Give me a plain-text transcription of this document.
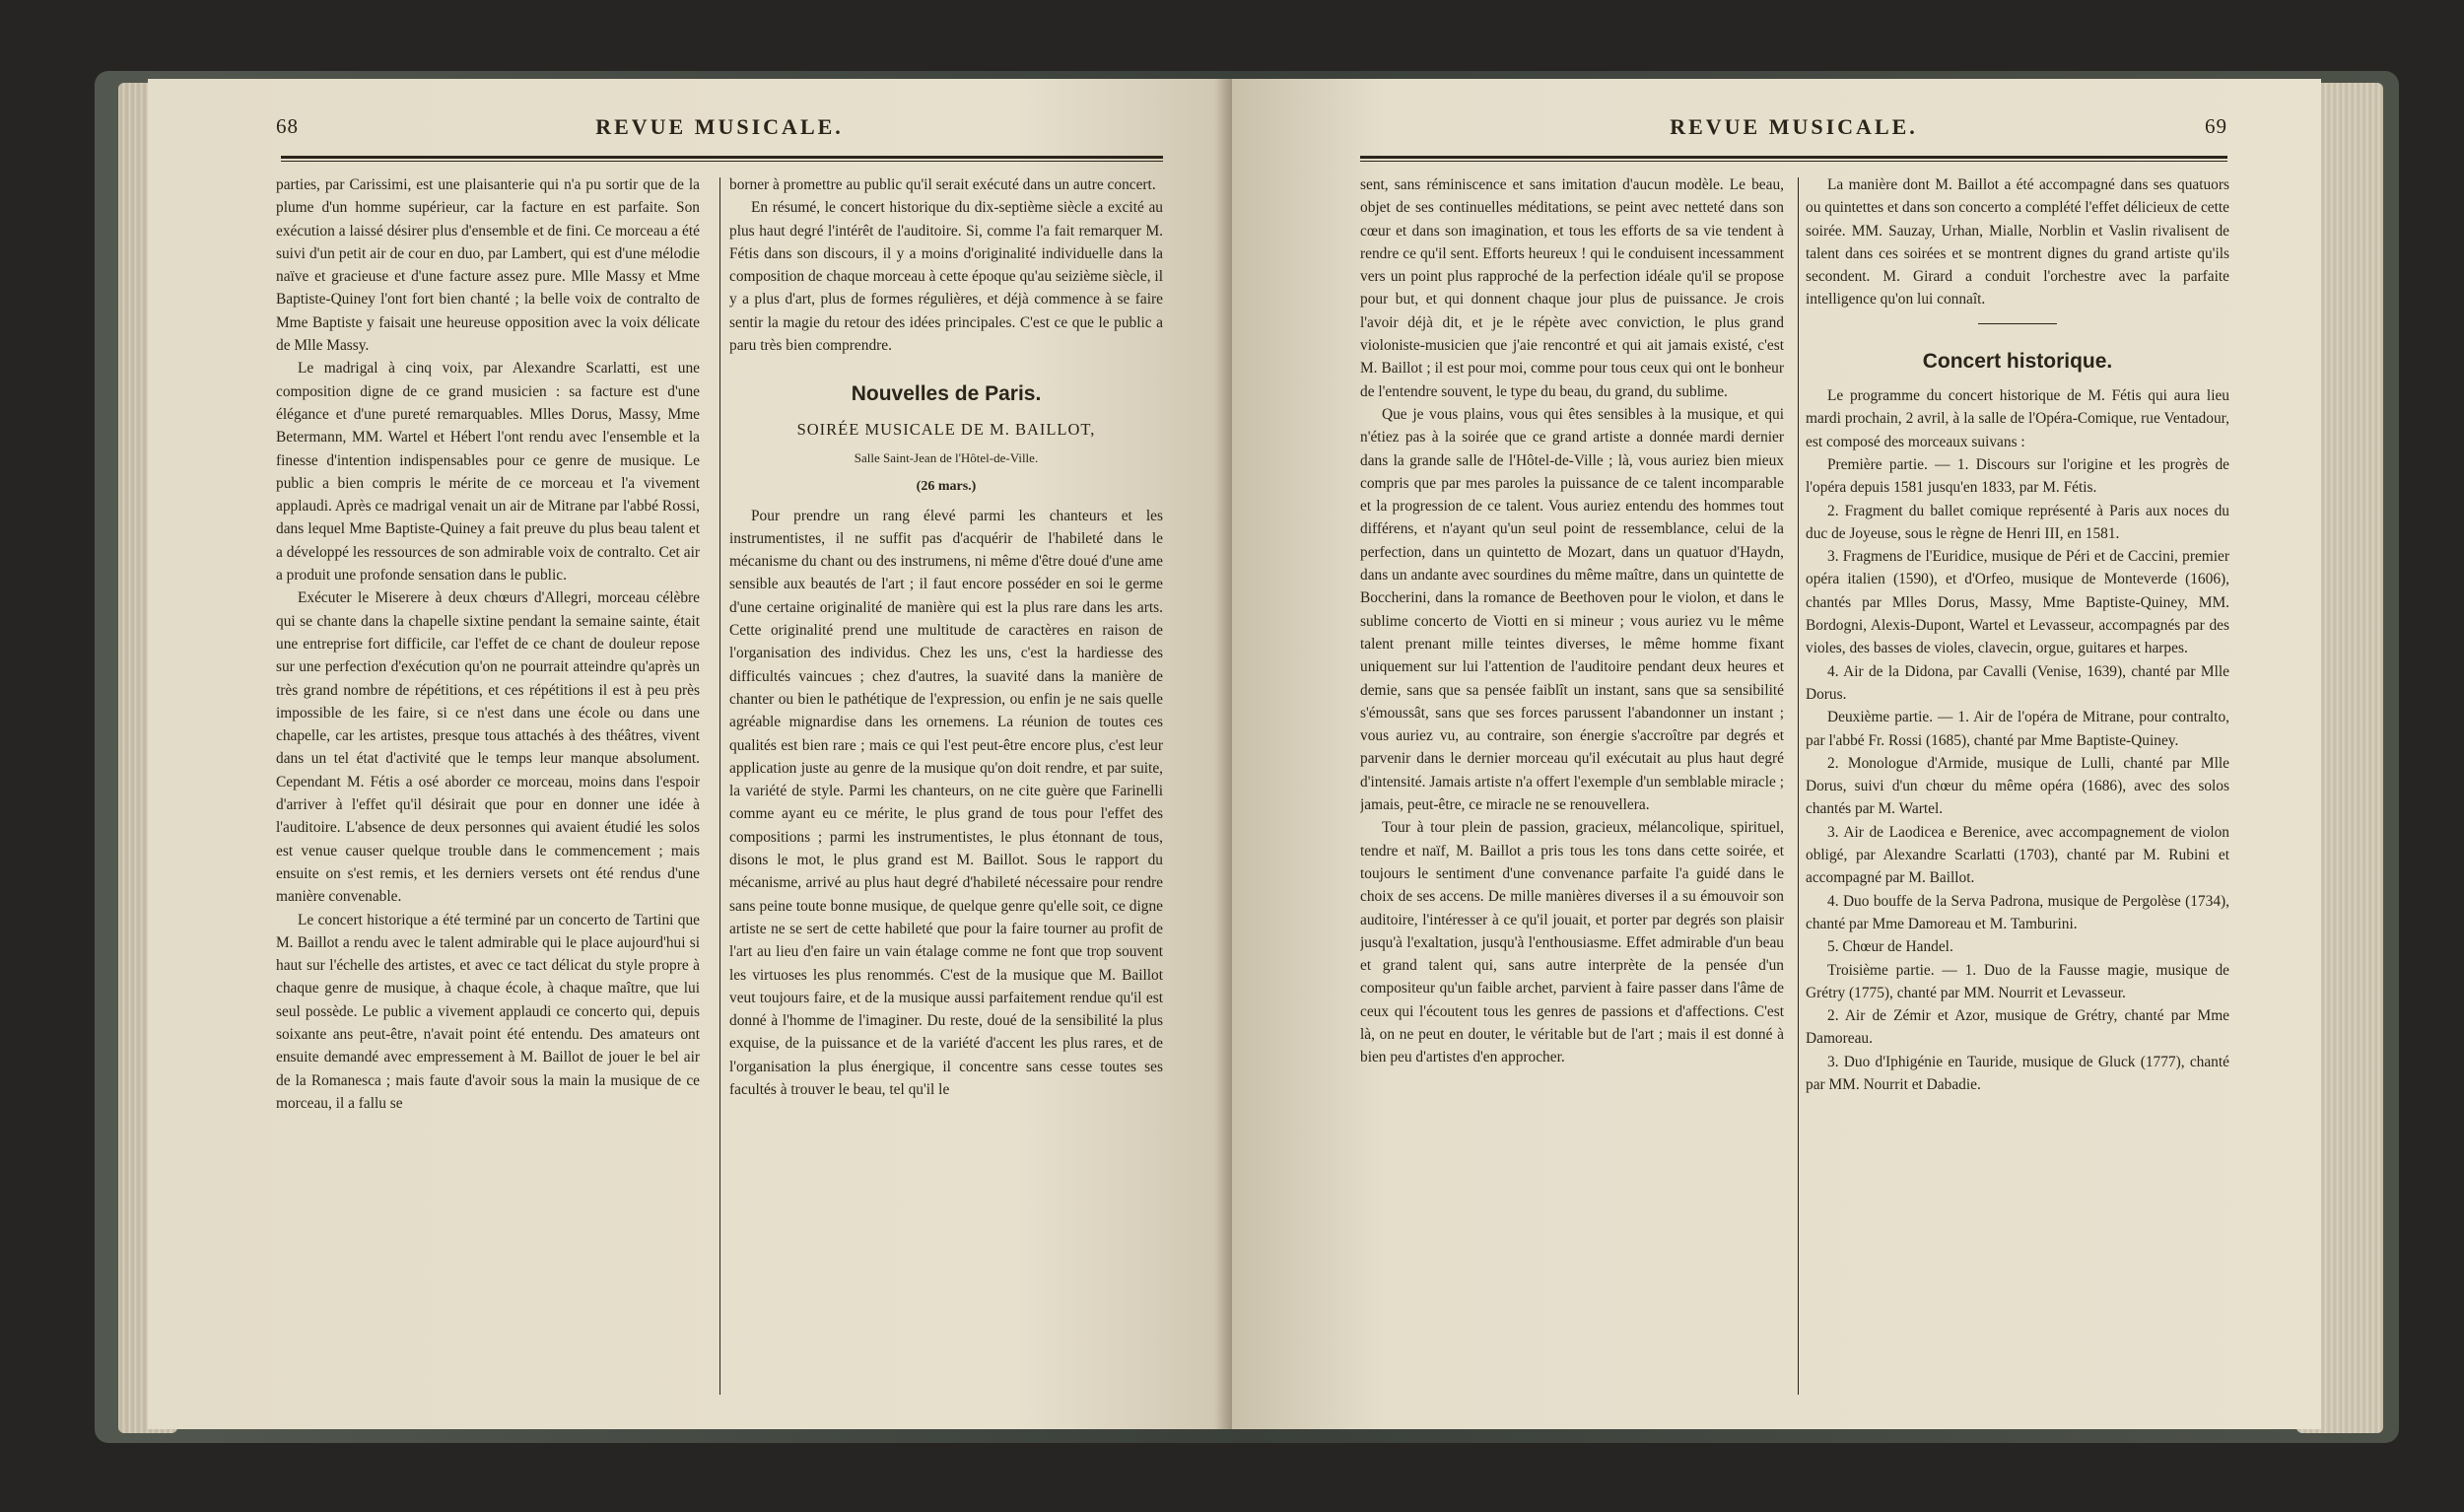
68	REVUE MUSICALE.

parties, par Carissimi, est une plaisanterie qui n'a pu sortir que de la plume d'un homme supérieur, car la facture en est parfaite. Son exécution a laissé désirer plus d'ensemble et de fini. Ce morceau a été suivi d'un petit air de cour en duo, par Lambert, qui est d'une mélodie naïve et gracieuse et d'une facture assez pure. Mlle Massy et Mme Baptiste-Quiney l'ont fort bien chanté ; la belle voix de contralto de Mme Baptiste y faisait une heureuse opposition avec la voix délicate de Mlle Massy.

Le madrigal à cinq voix, par Alexandre Scarlatti, est une composition digne de ce grand musicien : sa facture est d'une élégance et d'une pureté remarquables. Mlles Dorus, Massy, Mme Betermann, MM. Wartel et Hébert l'ont rendu avec l'ensemble et la finesse d'intention indispensables pour ce genre de musique. Le public a bien compris le mérite de ce morceau et l'a vivement applaudi. Après ce madrigal venait un air de Mitrane par l'abbé Rossi, dans lequel Mme Baptiste-Quiney a fait preuve du plus beau talent et a développé les ressources de son admirable voix de contralto. Cet air a produit une profonde sensation dans le public.

Exécuter le Miserere à deux chœurs d'Allegri, morceau célèbre qui se chante dans la chapelle sixtine pendant la semaine sainte, était une entreprise fort difficile, car l'effet de ce chant de douleur repose sur une perfection d'exécution qu'on ne pourrait atteindre qu'après un très grand nombre de répétitions, et ces répétitions il est à peu près impossible de les faire, si ce n'est dans une école ou dans une chapelle, car les artistes, presque tous attachés à des théâtres, vivent dans un tel état d'activité que le temps leur manque absolument. Cependant M. Fétis a osé aborder ce morceau, moins dans l'espoir d'arriver à l'effet qu'il désirait que pour en donner une idée à l'auditoire. L'absence de deux personnes qui avaient étudié les solos est venue causer quelque trouble dans le commencement ; mais ensuite on s'est remis, et les derniers versets ont été rendus d'une manière convenable.

Le concert historique a été terminé par un concerto de Tartini que M. Baillot a rendu avec le talent admirable qui le place aujourd'hui si haut sur l'échelle des artistes, et avec ce tact délicat du style propre à chaque genre de musique, à chaque école, à chaque maître, que lui seul possède. Le public a vivement applaudi ce concerto qui, depuis soixante ans peut-être, n'avait point été entendu. Des amateurs ont ensuite demandé avec empressement à M. Baillot de jouer le bel air de la Romanesca ; mais faute d'avoir sous la main la musique de ce morceau, il a fallu se

borner à promettre au public qu'il serait exécuté dans un autre concert.

En résumé, le concert historique du dix-septième siècle a excité au plus haut degré l'intérêt de l'auditoire. Si, comme l'a fait remarquer M. Fétis dans son discours, il y a moins d'originalité individuelle dans la composition de chaque morceau à cette époque qu'au seizième siècle, il y a plus d'art, plus de formes régulières, et déjà commence à se faire sentir la magie du retour des idées principales. C'est ce que le public a paru très bien comprendre.

Nouvelles de Paris.
SOIRÉE MUSICALE DE M. BAILLOT,
Salle Saint-Jean de l'Hôtel-de-Ville.
(26 mars.)

Pour prendre un rang élevé parmi les chanteurs et les instrumentistes, il ne suffit pas d'acquérir de l'habileté dans le mécanisme du chant ou des instrumens, ni même d'être doué d'une ame sensible aux beautés de l'art ; il faut encore posséder en soi le germe d'une certaine originalité de manière qui est la plus rare dans les arts. Cette originalité prend une multitude de caractères en raison de l'organisation des individus. Chez les uns, c'est la hardiesse des difficultés vaincues ; chez d'autres, la suavité dans la manière de chanter ou bien le pathétique de l'expression, ou enfin je ne sais quelle agréable mignardise dans les ornemens. La réunion de toutes ces qualités est bien rare ; mais ce qui l'est peut-être encore plus, c'est leur application juste au genre de la musique qu'on doit rendre, et par suite, la variété de style. Parmi les chanteurs, on ne cite guère que Farinelli comme ayant eu ce mérite, le plus grand de tous pour l'effet des compositions ; parmi les instrumentistes, le plus étonnant de tous, disons le mot, le plus grand est M. Baillot. Sous le rapport du mécanisme, arrivé au plus haut degré d'habileté nécessaire pour rendre sans peine toute bonne musique, de quelque genre qu'elle soit, ce digne artiste ne se sert de cette habileté que pour la faire tourner au profit de l'art au lieu d'en faire un vain étalage comme ne font que trop souvent les virtuoses les plus renommés. C'est de la musique que M. Baillot veut toujours faire, et de la musique aussi parfaitement rendue qu'il est donné à l'homme de l'imaginer. Du reste, doué de la sensibilité la plus exquise, de la puissance et de la variété d'accent les plus rares, et de l'organisation la plus énergique, il concentre sans cesse toutes ses facultés à trouver le beau, tel qu'il le

REVUE MUSICALE.	69

sent, sans réminiscence et sans imitation d'aucun modèle. Le beau, objet de ses continuelles méditations, se peint avec netteté dans son cœur et dans son imagination, et tous les efforts de sa vie tendent à rendre ce qu'il sent. Efforts heureux ! qui le conduisent incessamment vers un point plus rapproché de la perfection idéale qu'il se propose pour but, et qui donnent chaque jour plus de puissance. Je crois l'avoir déjà dit, et je le répète avec conviction, le plus grand violoniste-musicien que j'aie rencontré et qui ait jamais existé, c'est M. Baillot ; il est pour moi, comme pour tous ceux qui ont le bonheur de l'entendre souvent, le type du beau, du grand, du sublime.

Que je vous plains, vous qui êtes sensibles à la musique, et qui n'étiez pas à la soirée que ce grand artiste a donnée mardi dernier dans la grande salle de l'Hôtel-de-Ville ; là, vous auriez bien mieux compris que par mes paroles la puissance de ce talent incomparable et la progression de ce talent. Vous auriez entendu des hommes tout différens, et n'ayant qu'un seul point de ressemblance, celui de la perfection, dans un quintetto de Mozart, dans un quatuor d'Haydn, dans un andante avec sourdines du même maître, dans un quintette de Boccherini, dans la romance de Beethoven pour le violon, et dans le sublime concerto de Viotti en si mineur ; vous auriez vu le même talent prenant mille teintes diverses, le même homme fixant uniquement sur lui l'attention de l'auditoire pendant deux heures et demie, sans que sa pensée faiblît un instant, sans que sa sensibilité s'émoussât, sans que ses forces parussent l'abandonner un instant ; vous auriez vu, au contraire, son énergie s'accroître par degrés et parvenir dans le dernier morceau qu'il exécutait au plus haut degré d'intensité. Jamais artiste n'a offert l'exemple d'un semblable miracle ; jamais, peut-être, ce miracle ne se renouvellera.

Tour à tour plein de passion, gracieux, mélancolique, spirituel, tendre et naïf, M. Baillot a pris tous les tons dans cette soirée, et toujours le sentiment d'une convenance parfaite l'a guidé dans le choix de ses accens. De mille manières diverses il a su émouvoir son auditoire, l'intéresser à ce qu'il jouait, et porter par degrés son plaisir jusqu'à l'exaltation, jusqu'à l'enthousiasme. Effet admirable d'un beau et grand talent qui, sans autre interprète de la pensée d'un compositeur qu'un faible archet, parvient à faire passer dans l'âme de ceux qui l'écoutent tous les genres de passions et d'affections. C'est là, on ne peut en douter, le véritable but de l'art ; mais il est donné à bien peu d'artistes d'en approcher.

La manière dont M. Baillot a été accompagné dans ses quatuors ou quintettes et dans son concerto a complété l'effet délicieux de cette soirée. MM. Sauzay, Urhan, Mialle, Norblin et Vaslin rivalisent de talent dans ces soirées et se montrent dignes du grand artiste qu'ils secondent. M. Girard a conduit l'orchestre avec la parfaite intelligence qu'on lui connaît.

Concert historique.

Le programme du concert historique de M. Fétis qui aura lieu mardi prochain, 2 avril, à la salle de l'Opéra-Comique, rue Ventadour, est composé des morceaux suivans :

Première partie. — 1. Discours sur l'origine et les progrès de l'opéra depuis 1581 jusqu'en 1833, par M. Fétis.

2. Fragment du ballet comique représenté à Paris aux noces du duc de Joyeuse, sous le règne de Henri III, en 1581.

3. Fragmens de l'Euridice, musique de Péri et de Caccini, premier opéra italien (1590), et d'Orfeo, musique de Monteverde (1606), chantés par Mlles Dorus, Massy, Mme Baptiste-Quiney, MM. Bordogni, Alexis-Dupont, Wartel et Levasseur, accompagnés par des violes, des basses de violes, clavecin, orgue, guitares et harpes.

4. Air de la Didona, par Cavalli (Venise, 1639), chanté par Mlle Dorus.

Deuxième partie. — 1. Air de l'opéra de Mitrane, pour contralto, par l'abbé Fr. Rossi (1685), chanté par Mme Baptiste-Quiney.

2. Monologue d'Armide, musique de Lulli, chanté par Mlle Dorus, suivi d'un chœur du même opéra (1686), avec des solos chantés par M. Wartel.

3. Air de Laodicea e Berenice, avec accompagnement de violon obligé, par Alexandre Scarlatti (1703), chanté par M. Rubini et accompagné par M. Baillot.

4. Duo bouffe de la Serva Padrona, musique de Pergolèse (1734), chanté par Mme Damoreau et M. Tamburini.

5. Chœur de Handel.

Troisième partie. — 1. Duo de la Fausse magie, musique de Grétry (1775), chanté par MM. Nourrit et Levasseur.

2. Air de Zémir et Azor, musique de Grétry, chanté par Mme Damoreau.

3. Duo d'Iphigénie en Tauride, musique de Gluck (1777), chanté par MM. Nourrit et Dabadie.
